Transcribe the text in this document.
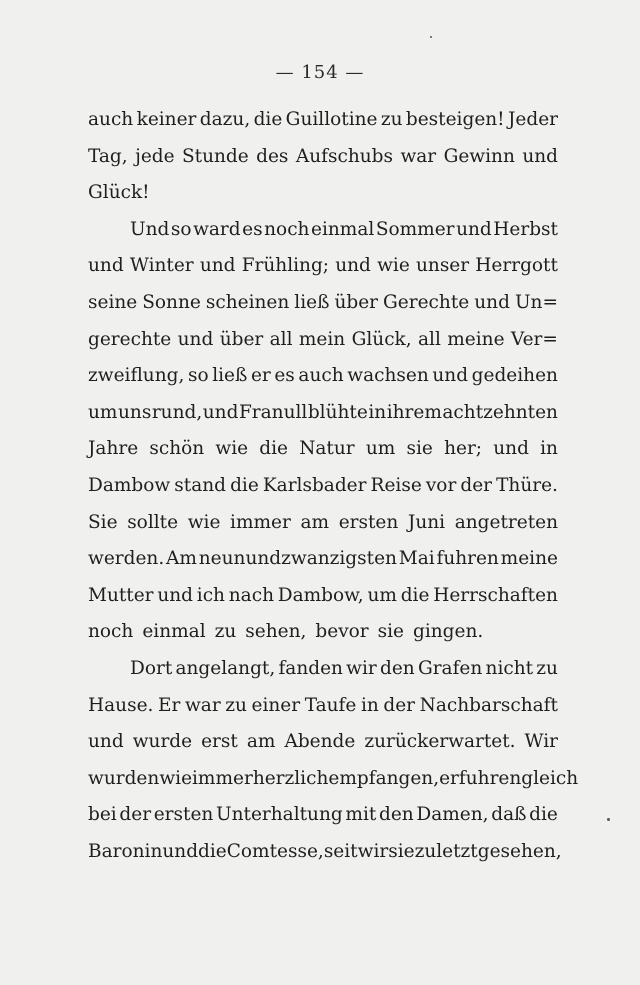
— 154 —
auch keiner dazu, die Guillotine zu besteigen! Jeder
Tag, jede Stunde des Aufschubs war Gewinn und
Glück!
Und so ward es noch einmal Sommer und Herbst
und Winter und Frühling; und wie unser Herrgott
seine Sonne scheinen ließ über Gerechte und Un=
gerechte und über all mein Glück, all meine Ver=
zweiflung, so ließ er es auch wachsen und gedeihen
um uns rund, und Franull blühte in ihrem achtzehnten
Jahre schön wie die Natur um sie her; und in
Dambow stand die Karlsbader Reise vor der Thüre.
Sie sollte wie immer am ersten Juni angetreten
werden. Am neunundzwanzigsten Mai fuhren meine
Mutter und ich nach Dambow, um die Herrschaften
noch einmal zu sehen, bevor sie gingen.
Dort angelangt, fanden wir den Grafen nicht zu
Hause. Er war zu einer Taufe in der Nachbarschaft
und wurde erst am Abende zurückerwartet. Wir
wurden wie immer herzlich empfangen, erfuhren gleich
bei der ersten Unterhaltung mit den Damen, daß die
Baronin und die Comtesse, seit wir sie zuletzt gesehen,
